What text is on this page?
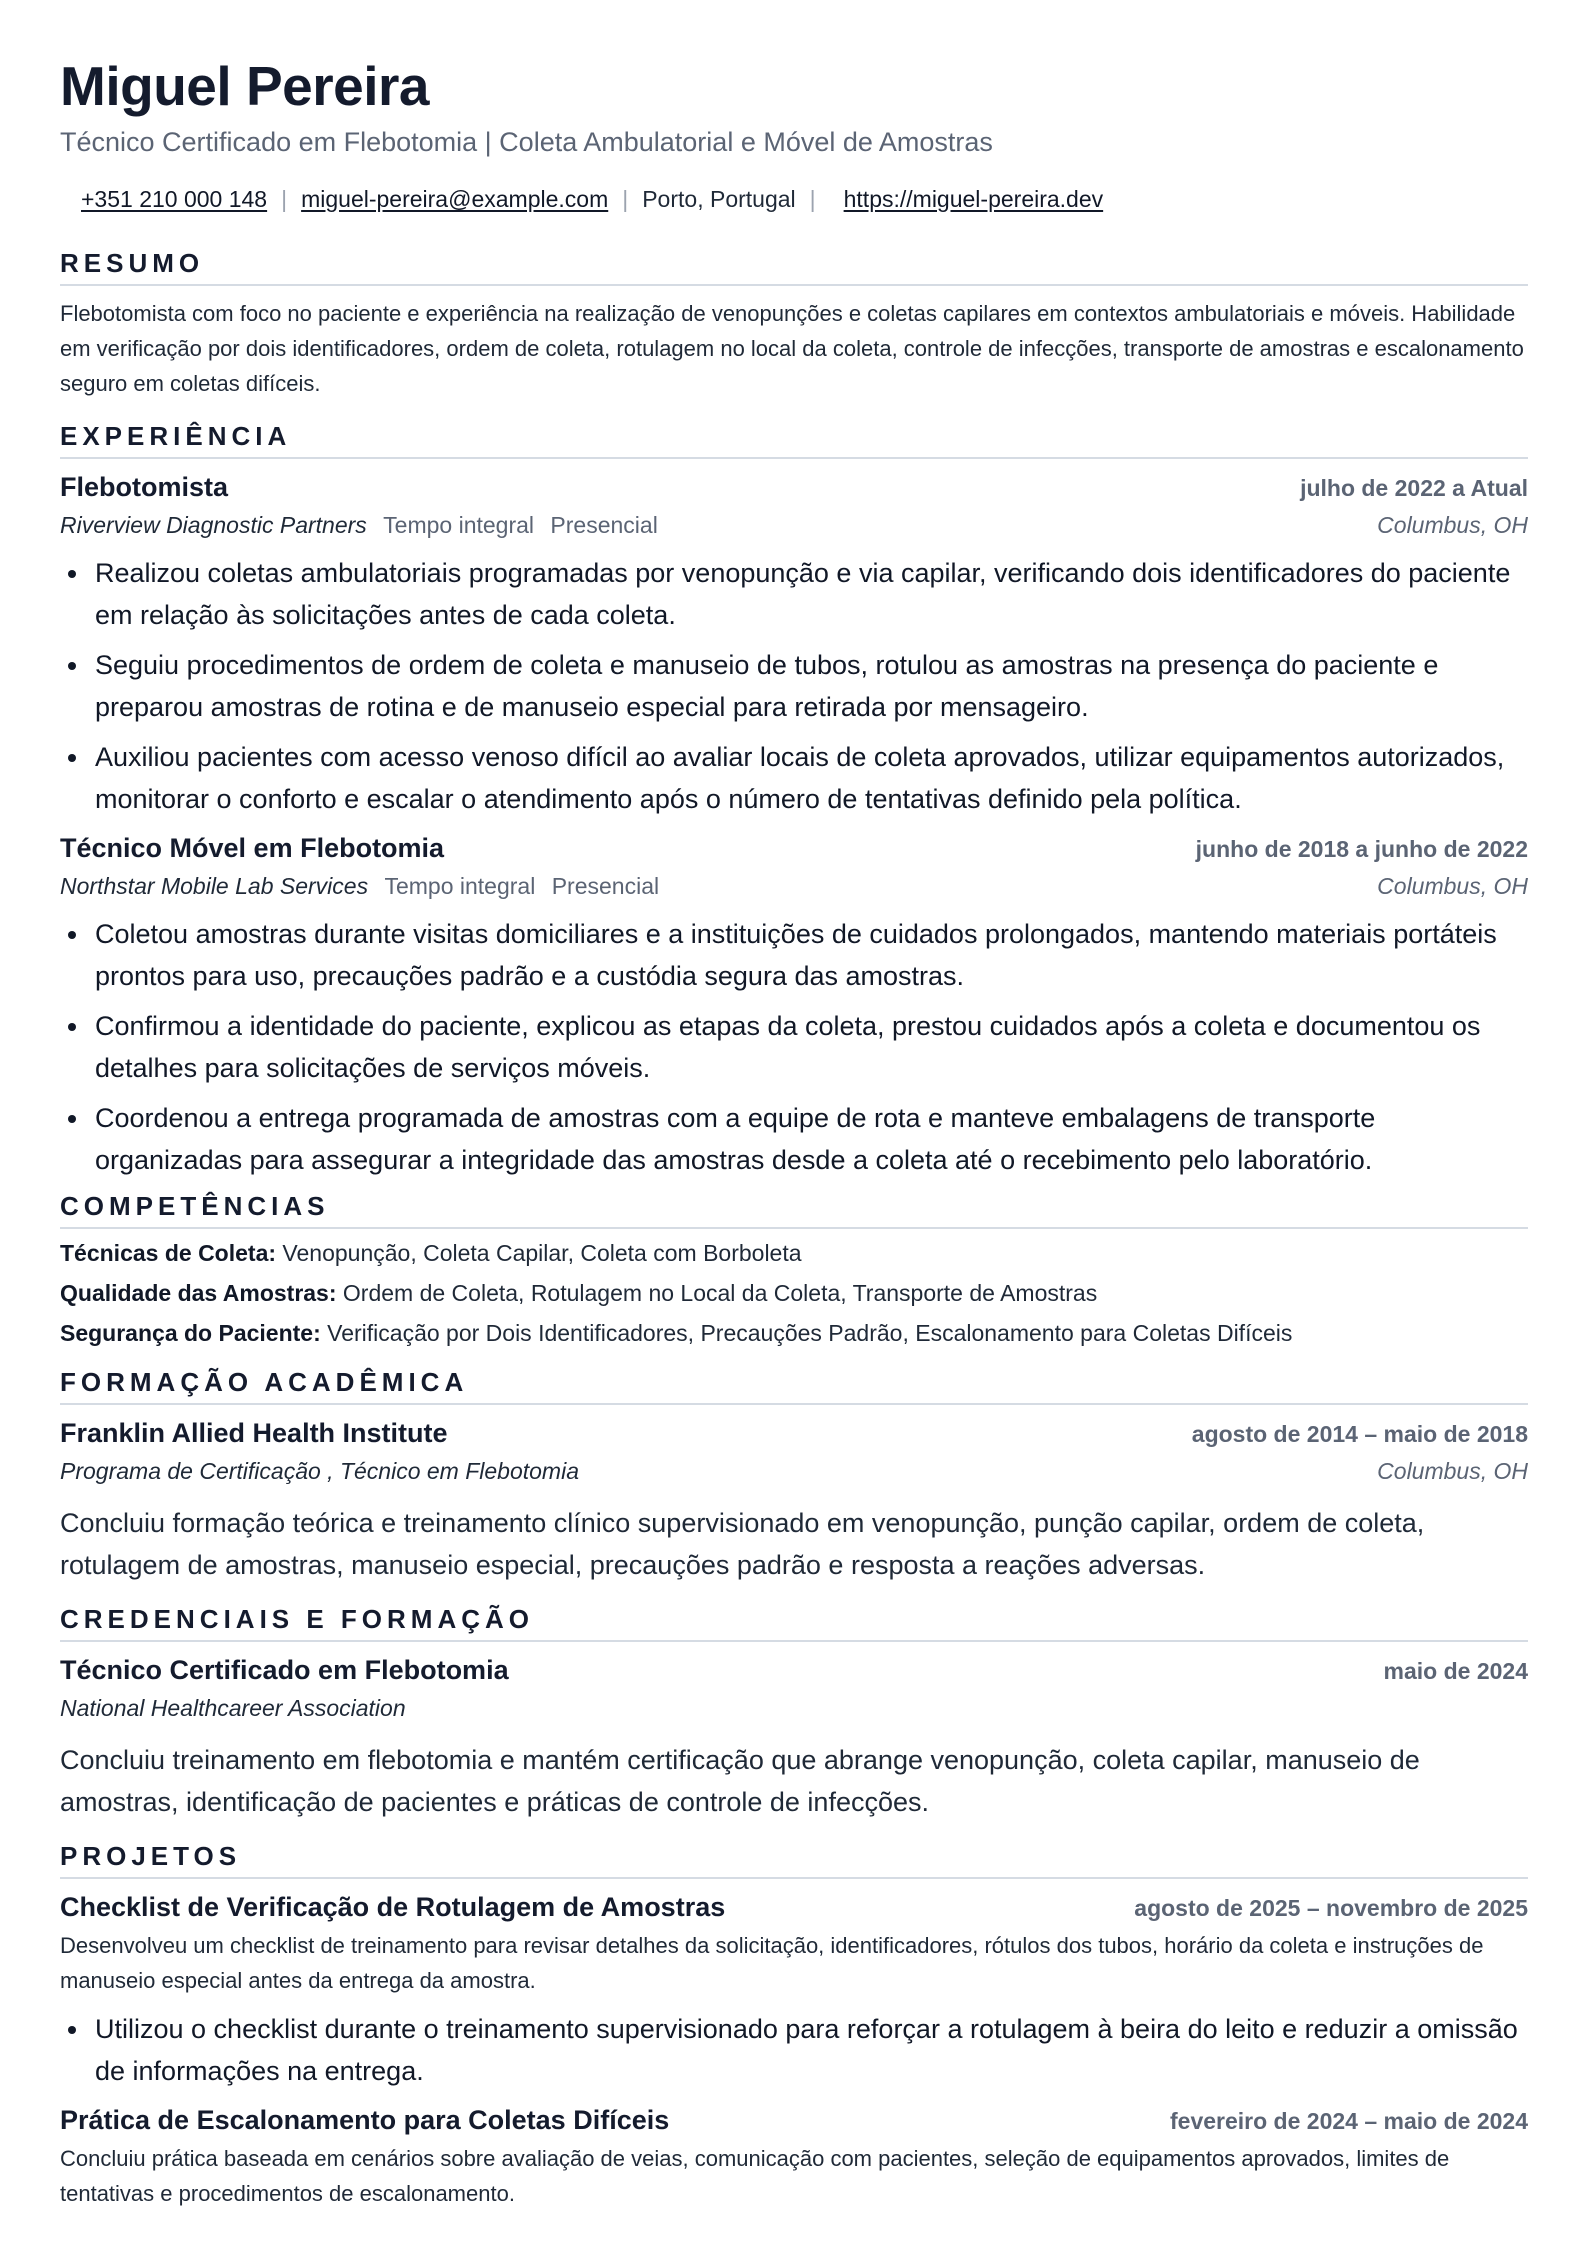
Miguel Pereira
Técnico Certificado em Flebotomia | Coleta Ambulatorial e Móvel de Amostras
+351 210 000 148 | miguel-pereira@example.com | Porto, Portugal | https://miguel-pereira.dev
RESUMO

Flebotomista com foco no paciente e experiência na realização de venopunções e coletas capilares em contextos ambulatoriais e móveis. Habilidade em verificação por dois identificadores, ordem de coleta, rotulagem no local da coleta, controle de infecções, transporte de amostras e escalonamento seguro em coletas difíceis.

EXPERIÊNCIA
Flebotomista	julho de 2022 a Atual
Riverview Diagnostic Partners Tempo integral Presencial	Columbus, OH
Realizou coletas ambulatoriais programadas por venopunção e via capilar, verificando dois identificadores do paciente em relação às solicitações antes de cada coleta.
Seguiu procedimentos de ordem de coleta e manuseio de tubos, rotulou as amostras na presença do paciente e preparou amostras de rotina e de manuseio especial para retirada por mensageiro.
Auxiliou pacientes com acesso venoso difícil ao avaliar locais de coleta aprovados, utilizar equipamentos autorizados, monitorar o conforto e escalar o atendimento após o número de tentativas definido pela política.
Técnico Móvel em Flebotomia	junho de 2018 a junho de 2022
Northstar Mobile Lab Services Tempo integral Presencial	Columbus, OH
Coletou amostras durante visitas domiciliares e a instituições de cuidados prolongados, mantendo materiais portáteis prontos para uso, precauções padrão e a custódia segura das amostras.
Confirmou a identidade do paciente, explicou as etapas da coleta, prestou cuidados após a coleta e documentou os detalhes para solicitações de serviços móveis.
Coordenou a entrega programada de amostras com a equipe de rota e manteve embalagens de transporte organizadas para assegurar a integridade das amostras desde a coleta até o recebimento pelo laboratório.
COMPETÊNCIAS
Técnicas de Coleta: Venopunção, Coleta Capilar, Coleta com Borboleta
Qualidade das Amostras: Ordem de Coleta, Rotulagem no Local da Coleta, Transporte de Amostras
Segurança do Paciente: Verificação por Dois Identificadores, Precauções Padrão, Escalonamento para Coletas Difíceis
FORMAÇÃO ACADÊMICA
Franklin Allied Health Institute	agosto de 2014 – maio de 2018
Programa de Certificação , Técnico em Flebotomia	Columbus, OH

Concluiu formação teórica e treinamento clínico supervisionado em venopunção, punção capilar, ordem de coleta, rotulagem de amostras, manuseio especial, precauções padrão e resposta a reações adversas.

CREDENCIAIS E FORMAÇÃO
Técnico Certificado em Flebotomia	maio de 2024
National Healthcareer Association

Concluiu treinamento em flebotomia e mantém certificação que abrange venopunção, coleta capilar, manuseio de amostras, identificação de pacientes e práticas de controle de infecções.

PROJETOS
Checklist de Verificação de Rotulagem de Amostras	agosto de 2025 – novembro de 2025

Desenvolveu um checklist de treinamento para revisar detalhes da solicitação, identificadores, rótulos dos tubos, horário da coleta e instruções de manuseio especial antes da entrega da amostra.

Utilizou o checklist durante o treinamento supervisionado para reforçar a rotulagem à beira do leito e reduzir a omissão de informações na entrega.
Prática de Escalonamento para Coletas Difíceis	fevereiro de 2024 – maio de 2024

Concluiu prática baseada em cenários sobre avaliação de veias, comunicação com pacientes, seleção de equipamentos aprovados, limites de tentativas e procedimentos de escalonamento.
